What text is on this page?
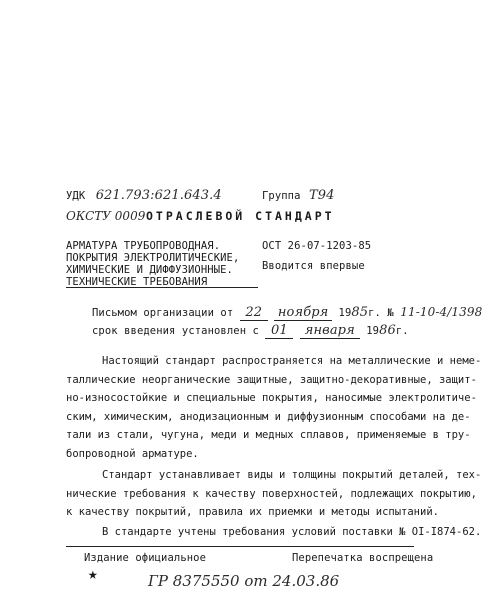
УДК 621.793:621.643.4	Группа Т94
ОКСТУ 0009 ОТРАСЛЕВОЙ СТАНДАРТ
АРМАТУРА ТРУБОПРОВОДНАЯ.
ПОКРЫТИЯ ЭЛЕКТРОЛИТИЧЕСКИЕ,
ХИМИЧЕСКИЕ И ДИФФУЗИОННЫЕ.
ТЕХНИЧЕСКИЕ ТРЕБОВАНИЯ
ОСТ 26-07-1203-85
Вводится впервые
Письмом организации от 22 ноября 1985г. № 11-10-4/1398
срок введения установлен с 01 января 1986г.
Настоящий стандарт распространяется на металлические и немe-
таллические неорганические защитные, защитно-декоративные, защит-
но-износостойкие и специальные покрытия, наносимые электролитиче-
ским, химическим, анодизационным и диффузионным способами на де-
тали из стали, чугуна, меди и медных сплавов, применяемые в тру-
бопроводной арматуре.
Стандарт устанавливает виды и толщины покрытий деталей, тех-
нические требования к качеству поверхностей, подлежащих покрытию,
к качеству покрытий, правила их приемки и методы испытаний.
В стандарте учтены требования условий поставки № ОI-I874-62.
Издание официальное	Перепечатка воспрещена
★	ГР 8375550 от 24.03.86
